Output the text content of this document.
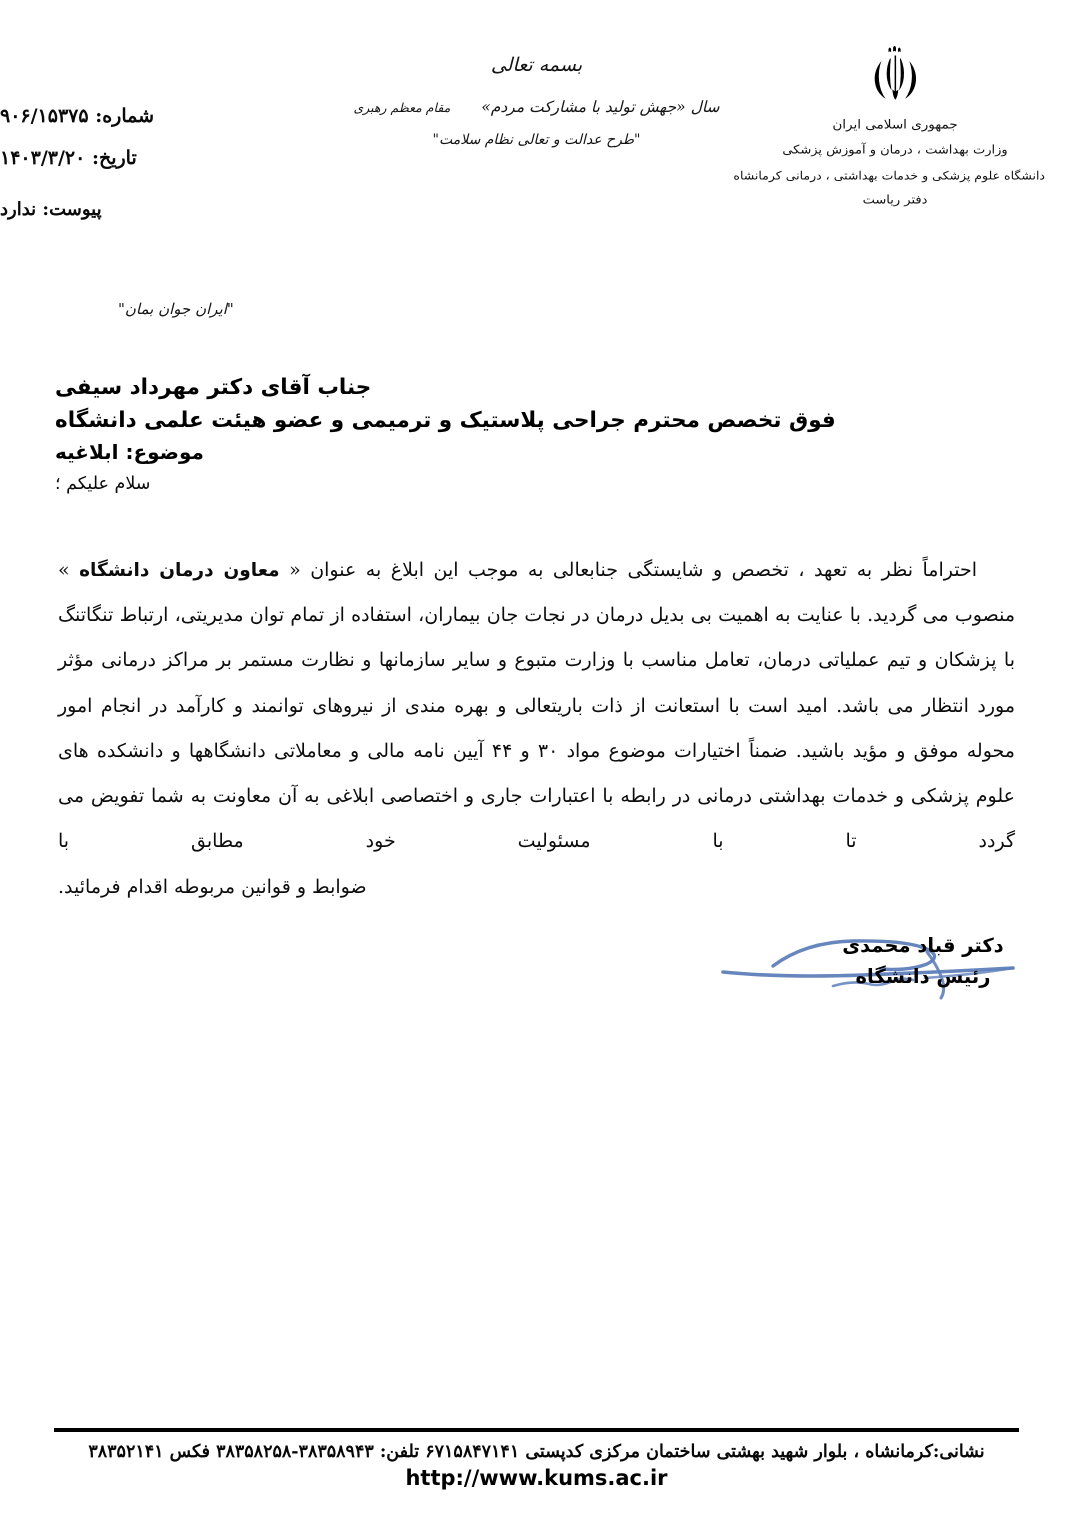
جمهوری اسلامی ایران
وزارت بهداشت ، درمان و آموزش پزشکی
دانشگاه علوم پزشکی و خدمات بهداشتی ، درمانی کرمانشاه
دفتر ریاست
بسمه تعالی
سال «جهش تولید با مشارکت مردم» مقام معظم رهبری
"طرح عدالت و تعالی نظام سلامت"
شماره: ۹۰۶/۱۵۳۷۵
تاریخ: ۱۴۰۳/۳/۲۰
پیوست: ندارد
"ایران جوان بمان"
جناب آقای دکتر مهرداد سیفی
فوق تخصص محترم جراحی پلاستیک و ترمیمی و عضو هیئت علمی دانشگاه
موضوع: ابلاغیه
سلام علیکم ؛
احتراماً نظر به تعهد ، تخصص و شایستگی جنابعالی به موجب این ابلاغ به عنوان « معاون درمان دانشگاه » منصوب می گردید. با عنایت به اهمیت بی بدیل درمان در نجات جان بیماران، استفاده از تمام توان مدیریتی، ارتباط تنگاتنگ با پزشکان و تیم عملیاتی درمان، تعامل مناسب با وزارت متبوع و سایر سازمانها و نظارت مستمر بر مراکز درمانی مؤثر مورد انتظار می باشد. امید است با استعانت از ذات باریتعالی و بهره مندی از نیروهای توانمند و کارآمد در انجام امور محوله موفق و مؤید باشید. ضمناً اختیارات موضوع مواد ۳۰ و ۴۴ آیین نامه مالی و معاملاتی دانشگاهها و دانشکده های علوم پزشکی و خدمات بهداشتی درمانی در رابطه با اعتبارات جاری و اختصاصی ابلاغی به آن معاونت به شما تفویض می گردد تا با مسئولیت خود مطابق با
ضوابط و قوانین مربوطه اقدام فرمائید.
دکتر قباد محمدی
رئیس دانشگاه
نشانی:کرمانشاه ، بلوار شهید بهشتی ساختمان مرکزی کدپستی ۶۷۱۵۸۴۷۱۴۱ تلفن: ۳۸۳۵۸۹۴۳-۳۸۳۵۸۲۵۸ فکس ۳۸۳۵۲۱۴۱
http://www.kums.ac.ir
